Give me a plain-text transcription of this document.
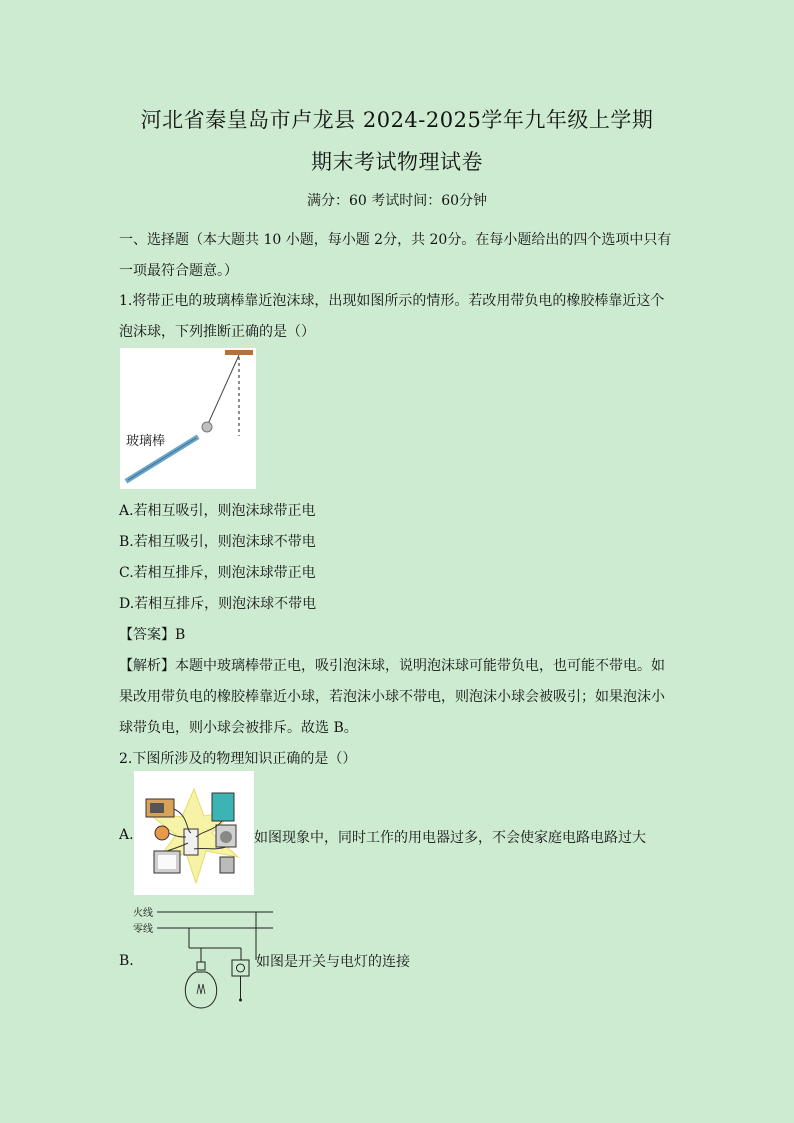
河北省秦皇岛市卢龙县 2024-2025学年九年级上学期
期末考试物理试卷
满分：60 考试时间：60分钟
一、选择题（本大题共 10 小题，每小题 2分，共 20分。在每小题给出的四个选项中只有
一项最符合题意。）
1.将带正电的玻璃棒靠近泡沫球，出现如图所示的情形。若改用带负电的橡胶棒靠近这个
泡沫球，下列推断正确的是（）
玻璃棒
A.若相互吸引，则泡沫球带正电
B.若相互吸引，则泡沫球不带电
C.若相互排斥，则泡沫球带正电
D.若相互排斥，则泡沫球不带电
【答案】B
【解析】本题中玻璃棒带正电，吸引泡沫球，说明泡沫球可能带负电，也可能不带电。如
果改用带负电的橡胶棒靠近小球，若泡沫小球不带电，则泡沫小球会被吸引；如果泡沫小
球带负电，则小球会被排斥。故选 B。
2.下图所涉及的物理知识正确的是（）
A.	如图现象中，同时工作的用电器过多，不会使家庭电路电路过大
B.
火线
零线
如图是开关与电灯的连接
